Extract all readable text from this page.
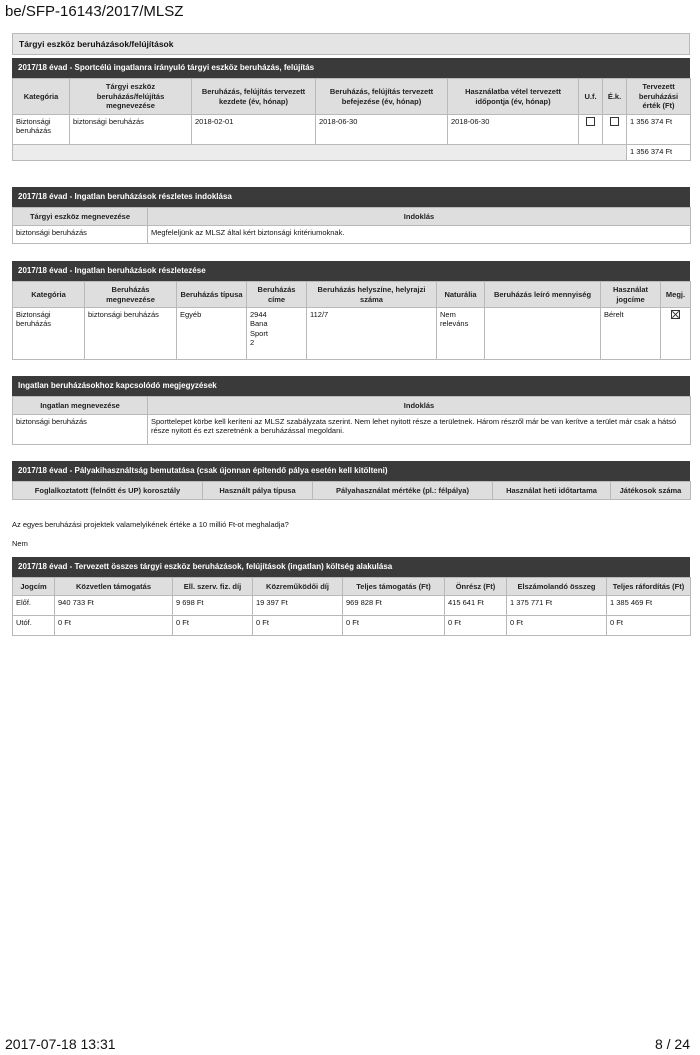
be/SFP-16143/2017/MLSZ
Tárgyi eszköz beruházások/felújítások
2017/18 évad - Sportcélú ingatlanra irányuló tárgyi eszköz beruházás, felújítás
Kategória	Tárgyi eszköz beruházás/felújítás megnevezése	Beruházás, felújítás tervezett kezdete (év, hónap)	Beruházás, felújítás tervezett befejezése (év, hónap)	Használatba vétel tervezett időpontja (év, hónap)	U.f.	É.k.	Tervezett beruházási érték (Ft)
Biztonsági beruházás	biztonsági beruházás	2018-02-01	2018-06-30	2018-06-30			1 356 374 Ft
							1 356 374 Ft
2017/18 évad - Ingatlan beruházások részletes indoklása
Tárgyi eszköz megnevezése	Indoklás
biztonsági beruházás	Megfeleljünk az MLSZ által kért biztonsági kritériumoknak.
2017/18 évad - Ingatlan beruházások részletezése
Kategória	Beruházás megnevezése	Beruházás típusa	Beruházás címe	Beruházás helyszíne, helyrajzi száma	Naturália	Beruházás leíró mennyiség	Használat jogcíme	Megj.
Biztonsági beruházás	biztonsági beruházás	Egyéb	2944 Bana Sport 2	112/7	Nem releváns		Bérelt	
Ingatlan beruházásokhoz kapcsolódó megjegyzések
Ingatlan megnevezése	Indoklás
biztonsági beruházás	Sporttelepet körbe kell keríteni az MLSZ szabályzata szerint. Nem lehet nyitott része a területnek. Három részről már be van kerítve a terület már csak a hátsó része nyitott és ezt szeretnénk a beruházással megoldani.
2017/18 évad - Pályakihasználtság bemutatása (csak újonnan épitendő pálya esetén kell kitölteni)
Foglalkoztatott (felnőtt és UP) korosztály	Használt pálya típusa	Pályahasználat mértéke (pl.: félpálya)	Használat heti időtartama	Játékosok száma
Az egyes beruházási projektek valamelyikének értéke a 10 millió Ft-ot meghaladja?
Nem
2017/18 évad - Tervezett összes tárgyi eszköz beruházások, felújítások (ingatlan) költség alakulása
Jogcím	Közvetlen támogatás	Ell. szerv. fiz. díj	Közreműködői díj	Teljes támogatás (Ft)	Önrész (Ft)	Elszámolandó összeg	Teljes ráfordítás (Ft)
Előf.	940 733 Ft	9 698 Ft	19 397 Ft	969 828 Ft	415 641 Ft	1 375 771 Ft	1 385 469 Ft
Utóf.	0 Ft	0 Ft	0 Ft	0 Ft	0 Ft	0 Ft	0 Ft
2017-07-18 13:31	8 / 24
